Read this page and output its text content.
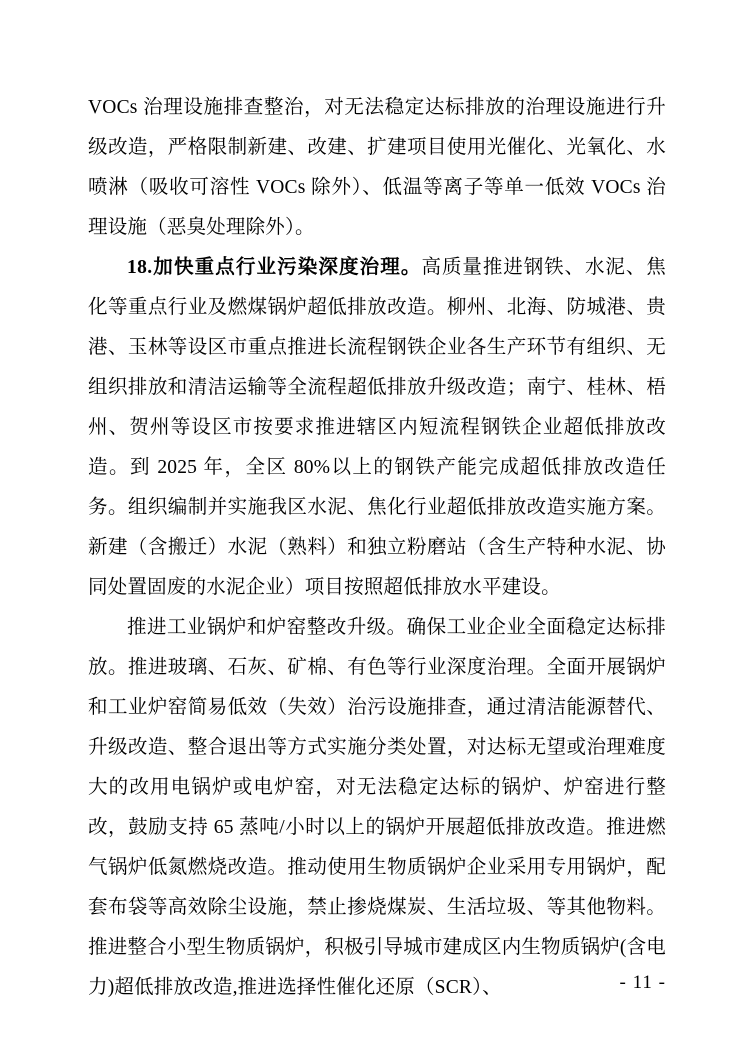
VOCs 治理设施排查整治，对无法稳定达标排放的治理设施进行升级改造，严格限制新建、改建、扩建项目使用光催化、光氧化、水喷淋（吸收可溶性 VOCs 除外）、低温等离子等单一低效 VOCs 治理设施（恶臭处理除外）。

18.加快重点行业污染深度治理。高质量推进钢铁、水泥、焦化等重点行业及燃煤锅炉超低排放改造。柳州、北海、防城港、贵港、玉林等设区市重点推进长流程钢铁企业各生产环节有组织、无组织排放和清洁运输等全流程超低排放升级改造；南宁、桂林、梧州、贺州等设区市按要求推进辖区内短流程钢铁企业超低排放改造。到 2025 年，全区 80%以上的钢铁产能完成超低排放改造任务。组织编制并实施我区水泥、焦化行业超低排放改造实施方案。新建（含搬迁）水泥（熟料）和独立粉磨站（含生产特种水泥、协同处置固废的水泥企业）项目按照超低排放水平建设。

推进工业锅炉和炉窑整改升级。确保工业企业全面稳定达标排放。推进玻璃、石灰、矿棉、有色等行业深度治理。全面开展锅炉和工业炉窑简易低效（失效）治污设施排查，通过清洁能源替代、升级改造、整合退出等方式实施分类处置，对达标无望或治理难度大的改用电锅炉或电炉窑，对无法稳定达标的锅炉、炉窑进行整改，鼓励支持 65 蒸吨/小时以上的锅炉开展超低排放改造。推进燃气锅炉低氮燃烧改造。推动使用生物质锅炉企业采用专用锅炉，配套布袋等高效除尘设施，禁止掺烧煤炭、生活垃圾、等其他物料。推进整合小型生物质锅炉，积极引导城市建成区内生物质锅炉(含电力)超低排放改造,推进选择性催化还原（SCR）、	- 11 -
